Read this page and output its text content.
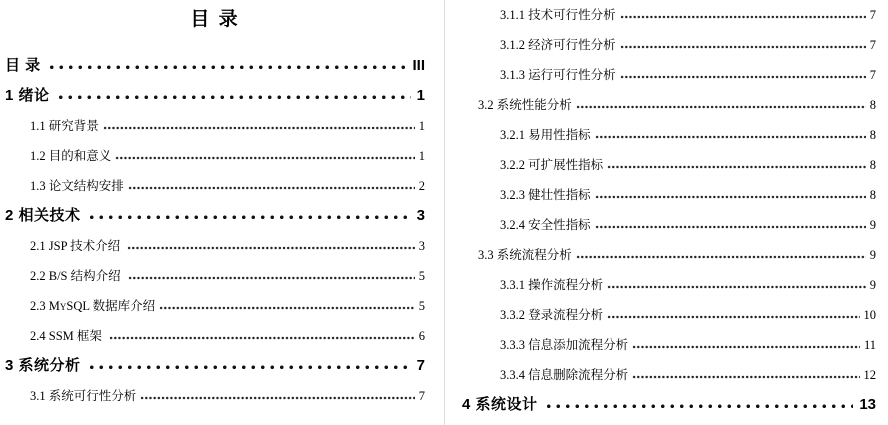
目 录
目 录	III
1 绪论	1
1.1 研究背景	1
1.2 目的和意义	1
1.3 论文结构安排	2
2 相关技术	3
2.1 JSP 技术介绍	3
2.2 B/S 结构介绍	5
2.3 MySQL 数据库介绍	5
2.4 SSM 框架	6
3 系统分析	7
3.1 系统可行性分析	7
3.1.1 技术可行性分析	7
3.1.2 经济可行性分析	7
3.1.3 运行可行性分析	7
3.2 系统性能分析	8
3.2.1 易用性指标	8
3.2.2 可扩展性指标	8
3.2.3 健壮性指标	8
3.2.4 安全性指标	9
3.3 系统流程分析	9
3.3.1 操作流程分析	9
3.3.2 登录流程分析	10
3.3.3 信息添加流程分析	11
3.3.4 信息删除流程分析	12
4 系统设计	13
